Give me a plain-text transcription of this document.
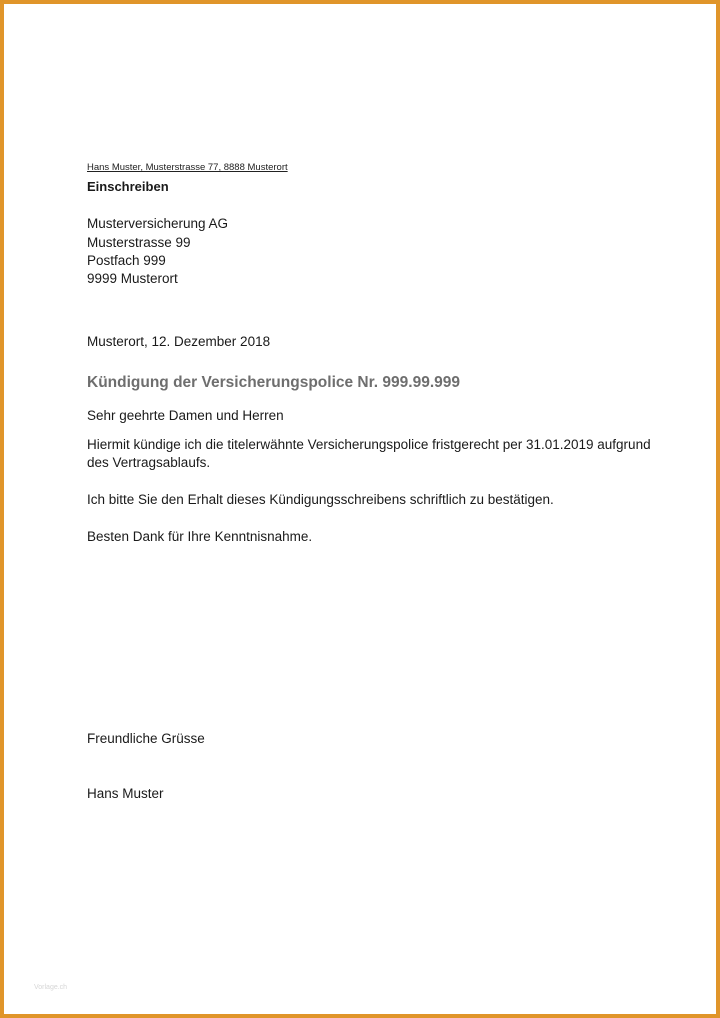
Hans Muster, Musterstrasse 77, 8888 Musterort
Einschreiben
Musterversicherung AG
Musterstrasse 99
Postfach 999
9999 Musterort
Musterort, 12. Dezember 2018
Kündigung der Versicherungspolice Nr. 999.99.999
Sehr geehrte Damen und Herren
Hiermit kündige ich die titelerwähnte Versicherungspolice fristgerecht per 31.01.2019 aufgrund des Vertragsablaufs.
Ich bitte Sie den Erhalt dieses Kündigungsschreibens schriftlich zu bestätigen.
Besten Dank für Ihre Kenntnisnahme.
Freundliche Grüsse
Hans Muster
Vorlage.ch
